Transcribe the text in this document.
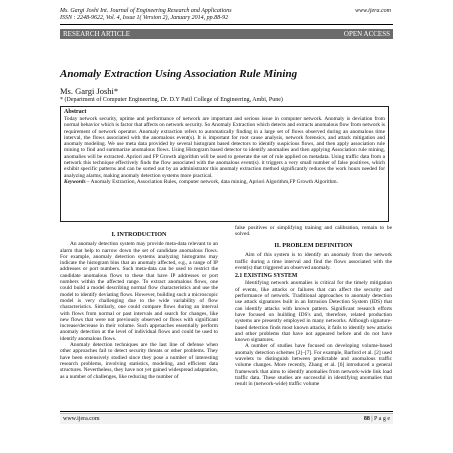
Ms. Gargi Joshi Int. Journal of Engineering Research and Applications
ISSN : 2248-9622, Vol. 4, Issue 1( Version 2), January 2014, pp.88-92
www.ijera.com
RESEARCH ARTICLE	OPEN ACCESS
Anomaly Extraction Using Association Rule Mining
Ms. Gargi Joshi*
* (Department of Computer Engineering, Dr. D.Y Patil College of Engineering, Ambi, Pune)
Abstract

Today network security, uptime and performance of network are important and serious issue in computer network. Anomaly is deviation from normal behavior which is factor that affects on network security. So Anomaly Extraction which detects and extracts anomalous flow from network is requirement of network operator. Anomaly extraction refers to automatically finding in a large set of flows observed during an anomalous time interval, the flows associated with the anomalous event(s). It is important for root cause analysis, network forensics, and attack mitigation and anomaly modeling. We use meta data provided by several histogram based detectors to identify suspicious flows, and then apply association rule mining to find and summarize anomalous flows. Using Histogram based detector to identify anomalies and then applying Association rule mining, anomalies will be extracted. Apriori and FP Growth algorithm will be used to generate the set of rule applied on metadata. Using traffic data from a network this technique effectively finds the flow associated with the anomalous event(s). it triggers a very small number of false positives, which exhibit specific patterns and can be sorted out by an administrator this anomaly extraction method significantly reduces the work hours needed for analyzing alarms, making anomaly detection systems more practical.

Keywords – Anomaly Extraction, Association Rules, computer network, data mining, Apriori Algorithm,FP Growth Algorithm.

I. INTRODUCTION

An anomaly detection system may provide meta-data relevant to an alarm that help to narrow down the set of candidate anomalous flows. For example, anomaly detection systems analyzing histograms may indicate the histogram bins that an anomaly affected, e.g., a range of IP addresses or port numbers. Such meta-data can be used to restrict the candidate anomalous flows to these that have IP addresses or port numbers within the affected range. To extract anomalous flows, one could build a model describing normal flow characteristics and use the model to identify deviating flows. However, building such a microscopic model is very challenging due to the wide variability of flow characteristics. Similarly, one could compare flows during an interval with flows from normal or past intervals and search for changes, like new flows that were not previously observed or flows with significant increase/decrease in their volume. Such approaches essentially perform anomaly detection at the level of individual flows and could be used to identify anomalous flows.

Anomaly detection techniques are the last line of defense when other approaches fail to detect security threats or other problems. They have been extensively studied since they pose a number of interesting research problems, involving statistics, modeling, and efficient data structures. Nevertheless, they have not yet gained widespread adaptation, as a number of challenges, like reducing the number of

false positives or simplifying training and calibration, remain to be solved.

II. PROBLEM DEFINITION

Aim of this system is to identify an anomaly from the network traffic during a time interval and find the flows associated with the event(s) that triggered an observed anomaly.

2.1 EXISTING SYSTEM

Identifying network anomalies is critical for the timely mitigation of events, like attacks or failures that can affect the security and performance of network. Traditional approaches to anomaly detection use attack signatures built in an Intrusion Detection System (IDS) that can identify attacks with known pattern. Significant research efforts have focused on building IDS's and, therefore, related production systems are presently employed in many networks. Although signature-based detection finds most known attacks, it fails to identify new attacks and other problems that have not appeared before and do not have known signatures.

A number of studies have focused on developing volume-based anomaly detection schemes [2]–[7]. For example, Barford et al. [2] used wavelets to distinguish between predictable and anomalous traffic volume changes. More recently, Zhang et al. [6] introduced a general framework that aims to identify anomalies from network-wide link load traffic data. These studies are successful in identifying anomalies that result in (network-wide) traffic volume

www.ijera.com	88 | P a g e
